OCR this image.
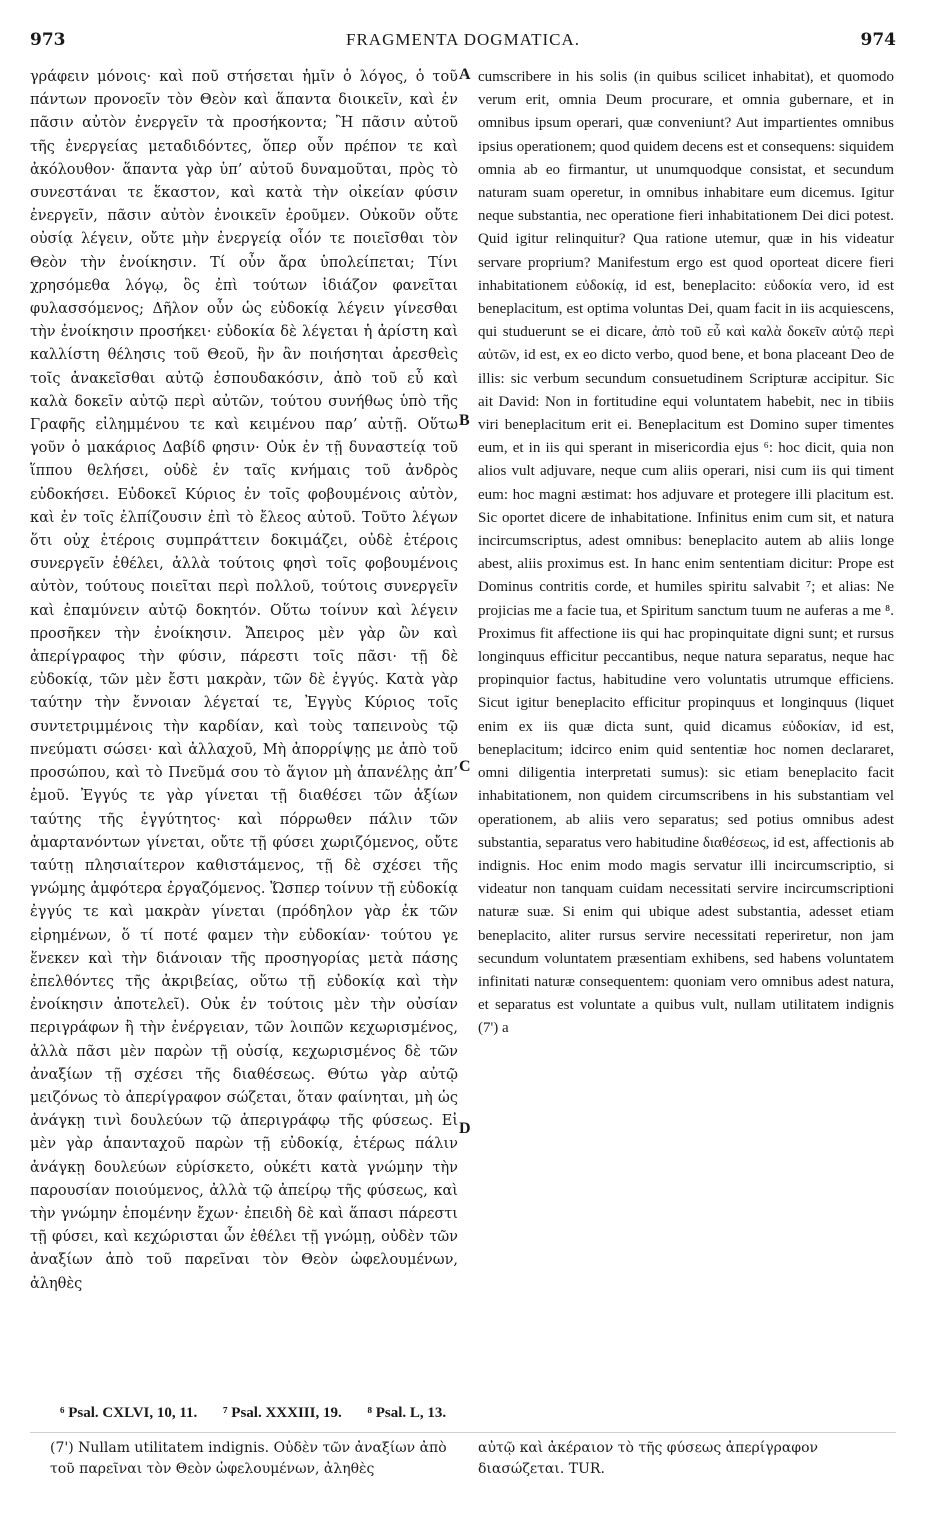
973	FRAGMENTA DOGMATICA.	974

γράφειν μόνοις· καὶ ποῦ στήσεται ἡμῖν ὁ λόγος, ὁ τοῦ πάντων προνοεῖν τὸν Θεὸν καὶ ἅπαντα διοικεῖν, καὶ ἐν πᾶσιν αὐτὸν ἐνεργεῖν τὰ προσήκοντα; Ἢ πᾶσιν αὐτοῦ τῆς ἐνεργείας μεταδιδόντες, ὅπερ οὖν πρέπον τε καὶ ἀκόλουθον· ἅπαντα γὰρ ὑπ’ αὐτοῦ δυναμοῦται, πρὸς τὸ συνεστάναι τε ἕκαστον, καὶ κατὰ τὴν οἰκείαν φύσιν ἐνεργεῖν, πᾶσιν αὐτὸν ἐνοικεῖν ἐροῦμεν. Οὐκοῦν οὔτε οὐσίᾳ λέγειν, οὔτε μὴν ἐνεργείᾳ οἷόν τε ποιεῖσθαι τὸν Θεὸν τὴν ἐνοίκησιν. Τί οὖν ἄρα ὑπολείπεται; Τίνι χρησόμεθα λόγῳ, ὃς ἐπὶ τούτων ἰδιάζον φανεῖται φυλασσόμενος; Δῆλον οὖν ὡς εὐδοκίᾳ λέγειν γίνεσθαι τὴν ἐνοίκησιν προσήκει· εὐδοκία δὲ λέγεται ἡ ἀρίστη καὶ καλλίστη θέλησις τοῦ Θεοῦ, ἣν ἂν ποιήσηται ἀρεσθεὶς τοῖς ἀνακεῖσθαι αὐτῷ ἐσπουδακόσιν, ἀπὸ τοῦ εὖ καὶ καλὰ δοκεῖν αὐτῷ περὶ αὐτῶν, τούτου συνήθως ὑπὸ τῆς Γραφῆς εἰλημμένου τε καὶ κειμένου παρ’ αὐτῇ. Οὕτω γοῦν ὁ μακάριος Δαβίδ φησιν· Οὐκ ἐν τῇ δυναστείᾳ τοῦ ἵππου θελήσει, οὐδὲ ἐν ταῖς κνήμαις τοῦ ἀνδρὸς εὐδοκήσει. Εὐδοκεῖ Κύριος ἐν τοῖς φοβουμένοις αὐτὸν, καὶ ἐν τοῖς ἐλπίζουσιν ἐπὶ τὸ ἔλεος αὐτοῦ. Τοῦτο λέγων ὅτι οὐχ ἑτέροις συμπράττειν δοκιμάζει, οὐδὲ ἑτέροις συνεργεῖν ἐθέλει, ἀλλὰ τούτοις φησὶ τοῖς φοβουμένοις αὐτὸν, τούτους ποιεῖται περὶ πολλοῦ, τούτοις συνεργεῖν καὶ ἐπαμύνειν αὐτῷ δοκητόν. Οὕτω τοίνυν καὶ λέγειν προσῆκεν τὴν ἐνοίκησιν. Ἄπειρος μὲν γὰρ ὢν καὶ ἀπερίγραφος τὴν φύσιν, πάρεστι τοῖς πᾶσι· τῇ δὲ εὐδοκίᾳ, τῶν μὲν ἔστι μακρὰν, τῶν δὲ ἐγγύς. Κατὰ γὰρ ταύτην τὴν ἔννοιαν λέγεταί τε, Ἐγγὺς Κύριος τοῖς συντετριμμένοις τὴν καρδίαν, καὶ τοὺς ταπεινοὺς τῷ πνεύματι σώσει· καὶ ἀλλαχοῦ, Μὴ ἀπορρίψῃς με ἀπὸ τοῦ προσώπου, καὶ τὸ Πνεῦμά σου τὸ ἅγιον μὴ ἀπανέλῃς ἀπ’ ἐμοῦ. Ἐγγύς τε γὰρ γίνεται τῇ διαθέσει τῶν ἀξίων ταύτης τῆς ἐγγύτητος· καὶ πόρρωθεν πάλιν τῶν ἁμαρτανόντων γίνεται, οὔτε τῇ φύσει χωριζόμενος, οὔτε ταύτῃ πλησιαίτερον καθιστάμενος, τῇ δὲ σχέσει τῆς γνώμης ἀμφότερα ἐργαζόμενος. Ὥσπερ τοίνυν τῇ εὐδοκίᾳ ἐγγύς τε καὶ μακρὰν γίνεται (πρόδηλον γὰρ ἐκ τῶν εἰρημένων, ὅ τί ποτέ φαμεν τὴν εὐδοκίαν· τούτου γε ἕνεκεν καὶ τὴν διάνοιαν τῆς προσηγορίας μετὰ πάσης ἐπελθόντες τῆς ἀκριβείας, οὕτω τῇ εὐδοκίᾳ καὶ τὴν ἐνοίκησιν ἀποτελεῖ). Οὐκ ἐν τούτοις μὲν τὴν οὐσίαν περιγράφων ἢ τὴν ἐνέργειαν, τῶν λοιπῶν κεχωρισμένος, ἀλλὰ πᾶσι μὲν παρὼν τῇ οὐσίᾳ, κεχωρισμένος δὲ τῶν ἀναξίων τῇ σχέσει τῆς διαθέσεως. Θύτω γὰρ αὐτῷ μειζόνως τὸ ἀπερίγραφον σώζεται, ὅταν φαίνηται, μὴ ὡς ἀνάγκῃ τινὶ δουλεύων τῷ ἀπεριγράφῳ τῆς φύσεως. Εἰ μὲν γὰρ ἁπανταχοῦ παρὼν τῇ εὐδοκίᾳ, ἑτέρως πάλιν ἀνάγκῃ δουλεύων εὑρίσκετο, οὐκέτι κατὰ γνώμην τὴν παρουσίαν ποιούμενος, ἀλλὰ τῷ ἀπείρῳ τῆς φύσεως, καὶ τὴν γνώμην ἑπομένην ἔχων· ἐπειδὴ δὲ καὶ ἅπασι πάρεστι τῇ φύσει, καὶ κεχώρισται ὧν ἐθέλει τῇ γνώμῃ, οὐδὲν τῶν ἀναξίων ἀπὸ τοῦ παρεῖναι τὸν Θεὸν ὠφελουμένων, ἀληθὲς

A
B
C
D

cumscribere in his solis (in quibus scilicet inhabitat), et quomodo verum erit, omnia Deum procurare, et omnia gubernare, et in omnibus ipsum operari, quæ conveniunt? Aut impartientes omnibus ipsius operationem; quod quidem decens est et consequens: siquidem omnia ab eo firmantur, ut unumquodque consistat, et secundum naturam suam operetur, in omnibus inhabitare eum dicemus. Igitur neque substantia, nec operatione fieri inhabitationem Dei dici potest. Quid igitur relinquitur? Qua ratione utemur, quæ in his videatur servare proprium? Manifestum ergo est quod oporteat dicere fieri inhabitationem εὐδοκίᾳ, id est, beneplacito: εὐδοκία vero, id est beneplacitum, est optima voluntas Dei, quam facit in iis acquiescens, qui studuerunt se ei dicare, ἀπὸ τοῦ εὖ καὶ καλὰ δοκεῖν αὐτῷ περὶ αὐτῶν, id est, ex eo dicto verbo, quod bene, et bona placeant Deo de illis: sic verbum secundum consuetudinem Scripturæ accipitur. Sic ait David: Non in fortitudine equi voluntatem habebit, nec in tibiis viri beneplacitum erit ei. Beneplacitum est Domino super timentes eum, et in iis qui sperant in misericordia ejus ⁶: hoc dicit, quia non alios vult adjuvare, neque cum aliis operari, nisi cum iis qui timent eum: hoc magni æstimat: hos adjuvare et protegere illi placitum est. Sic oportet dicere de inhabitatione. Infinitus enim cum sit, et natura incircumscriptus, adest omnibus: beneplacito autem ab aliis longe abest, aliis proximus est. In hanc enim sententiam dicitur: Prope est Dominus contritis corde, et humiles spiritu salvabit ⁷; et alias: Ne projicias me a facie tua, et Spiritum sanctum tuum ne auferas a me ⁸. Proximus fit affectione iis qui hac propinquitate digni sunt; et rursus longinquus efficitur peccantibus, neque natura separatus, neque hac propinquior factus, habitudine vero voluntatis utrumque efficiens. Sicut igitur beneplacito efficitur propinquus et longinquus (liquet enim ex iis quæ dicta sunt, quid dicamus εὐδοκίαν, id est, beneplacitum; idcirco enim quid sententiæ hoc nomen declararet, omni diligentia interpretati sumus): sic etiam beneplacito facit inhabitationem, non quidem circumscribens in his substantiam vel operationem, ab aliis vero separatus; sed potius omnibus adest substantia, separatus vero habitudine διαθέσεως, id est, affectionis ab indignis. Hoc enim modo magis servatur illi incircumscriptio, si videatur non tanquam cuidam necessitati servire incircumscriptioni naturæ suæ. Si enim qui ubique adest substantia, adesset etiam beneplacito, aliter rursus servire necessitati reperiretur, non jam secundum voluntatem præsentiam exhibens, sed habens voluntatem infinitati naturæ consequentem: quoniam vero omnibus adest natura, et separatus est voluntate a quibus vult, nullam utilitatem indignis (7') a

⁶ Psal. CXLVI, 10, 11. ⁷ Psal. XXXIII, 19. ⁸ Psal. L, 13.
(7') Nullam utilitatem indignis. Οὐδὲν τῶν ἀναξίων ἀπὸ τοῦ παρεῖναι τὸν Θεὸν ὠφελουμένων, ἀληθὲς
αὐτῷ καὶ ἀκέραιον τὸ τῆς φύσεως ἀπερίγραφον διασώζεται. TUR.
